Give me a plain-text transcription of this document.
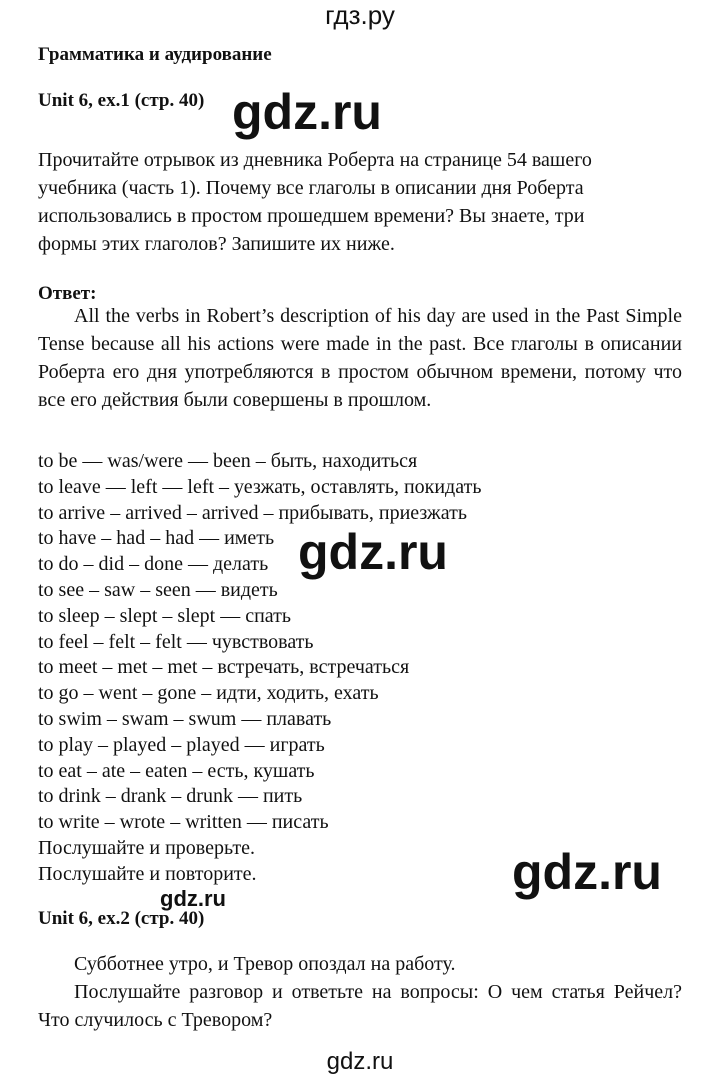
гдз.ру
Грамматика и аудирование
Unit 6, ex.1 (стр. 40) gdz.ru
Прочитайте отрывок из дневника Роберта на странице 54 вашего
учебника (часть 1). Почему все глаголы в описании дня Роберта
использовались в простом прошедшем времени? Вы знаете, три
формы этих глаголов? Запишите их ниже.
Ответ:
All the verbs in Robert’s description of his day are used in the Past Simple Tense because all his actions were made in the past. Все глаголы в описании Роберта его дня употребляются в простом обычном времени, потому что все его действия были совершены в прошлом.
to be — was/were — been – быть, находиться
to leave — left — left – уезжать, оставлять, покидать
to arrive – arrived – arrived – прибывать, приезжать
to have – had – had — иметь
to do – did – done — делать
to see – saw – seen — видеть
to sleep – slept – slept — спать
to feel – felt – felt — чувствовать
to meet – met – met – встречать, встречаться
to go – went – gone – идти, ходить, ехать
to swim – swam – swum — плавать
to play – played – played — играть
to eat – ate – eaten – есть, кушать
to drink – drank – drunk — пить
to write – wrote – written — писать
Послушайте и проверьте.
Послушайте и повторите.
gdz.ru
gdz.ru
gdz.ru
Unit 6, ex.2 (стр. 40)
Субботнее утро, и Тревор опоздал на работу.
Послушайте разговор и ответьте на вопросы: О чем статья Рейчел? Что случилось с Тревором?
gdz.ru
